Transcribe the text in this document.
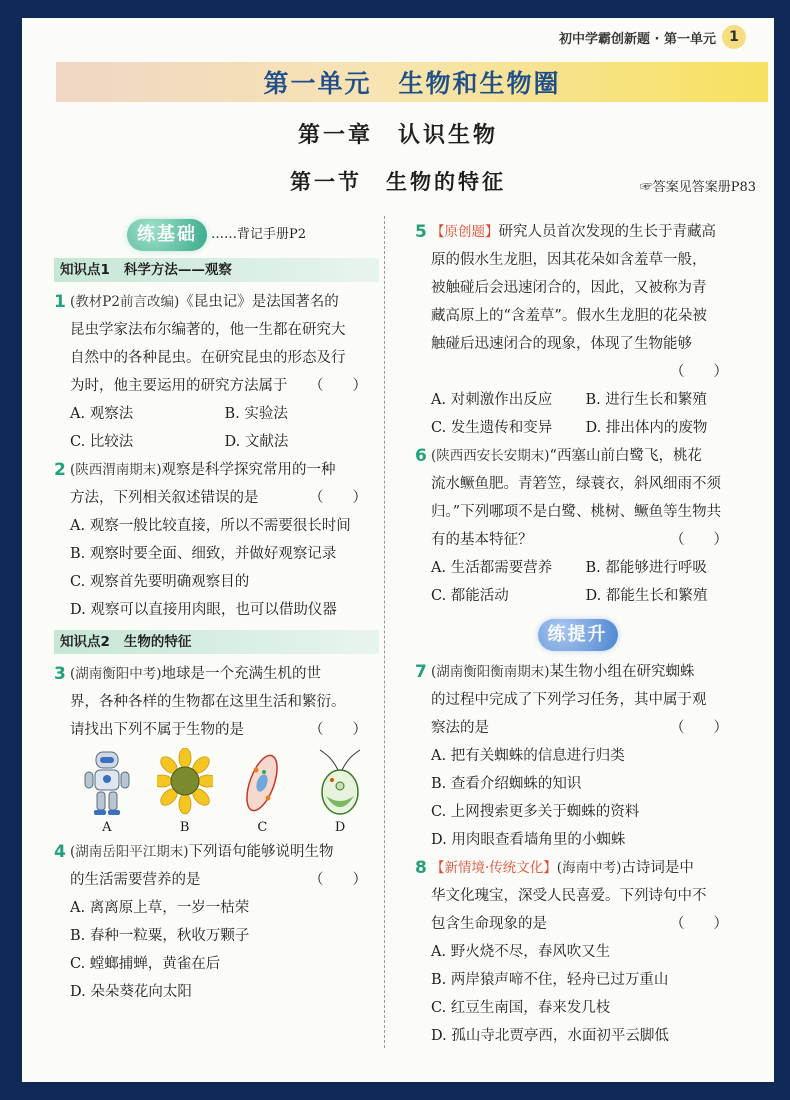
初中学霸创新题 · 第一单元 1
第一单元　生物和生物圈
第一章　认识生物
第一节　生物的特征	☞答案见答案册P83
练基础	……背记手册P2
知识点1 科学方法——观察
1 (教材P2前言改编)《昆虫记》是法国著名的
昆虫学家法布尔编著的，他一生都在研究大
自然中的各种昆虫。在研究昆虫的形态及行
为时，他主要运用的研究方法属于 （　　）
A. 观察法	B. 实验法
C. 比较法	D. 文献法
2 (陕西渭南期末)观察是科学探究常用的一种
方法，下列相关叙述错误的是	（　　）
A. 观察一般比较直接，所以不需要很长时间
B. 观察时要全面、细致，并做好观察记录
C. 观察首先要明确观察目的
D. 观察可以直接用肉眼，也可以借助仪器
知识点2 生物的特征
3 (湖南衡阳中考)地球是一个充满生机的世
界，各种各样的生物都在这里生活和繁衍。
请找出下列不属于生物的是	（　　）
A	B	C	D
4 (湖南岳阳平江期末)下列语句能够说明生物
的生活需要营养的是	（　　）
A. 离离原上草，一岁一枯荣
B. 春种一粒粟，秋收万颗子
C. 螳螂捕蝉，黄雀在后
D. 朵朵葵花向太阳
5 【原创题】研究人员首次发现的生长于青藏高
原的假水生龙胆，因其花朵如含羞草一般，
被触碰后会迅速闭合的，因此，又被称为青
藏高原上的“含羞草”。假水生龙胆的花朵被
触碰后迅速闭合的现象，体现了生物能够
（　　）
A. 对刺激作出反应	B. 进行生长和繁殖
C. 发生遗传和变异	D. 排出体内的废物
6 (陕西西安长安期末)“西塞山前白鹭飞，桃花
流水鳜鱼肥。青箬笠，绿蓑衣，斜风细雨不须
归。”下列哪项不是白鹭、桃树、鳜鱼等生物共
有的基本特征？	（　　）
A. 生活都需要营养	B. 都能够进行呼吸
C. 都能活动	D. 都能生长和繁殖
练提升
7 (湖南衡阳衡南期末)某生物小组在研究蜘蛛
的过程中完成了下列学习任务，其中属于观
察法的是	（　　）
A. 把有关蜘蛛的信息进行归类
B. 查看介绍蜘蛛的知识
C. 上网搜索更多关于蜘蛛的资料
D. 用肉眼查看墙角里的小蜘蛛
8 【新情境·传统文化】(海南中考)古诗词是中
华文化瑰宝，深受人民喜爱。下列诗句中不
包含生命现象的是	（　　）
A. 野火烧不尽，春风吹又生
B. 两岸猿声啼不住，轻舟已过万重山
C. 红豆生南国，春来发几枝
D. 孤山寺北贾亭西，水面初平云脚低
